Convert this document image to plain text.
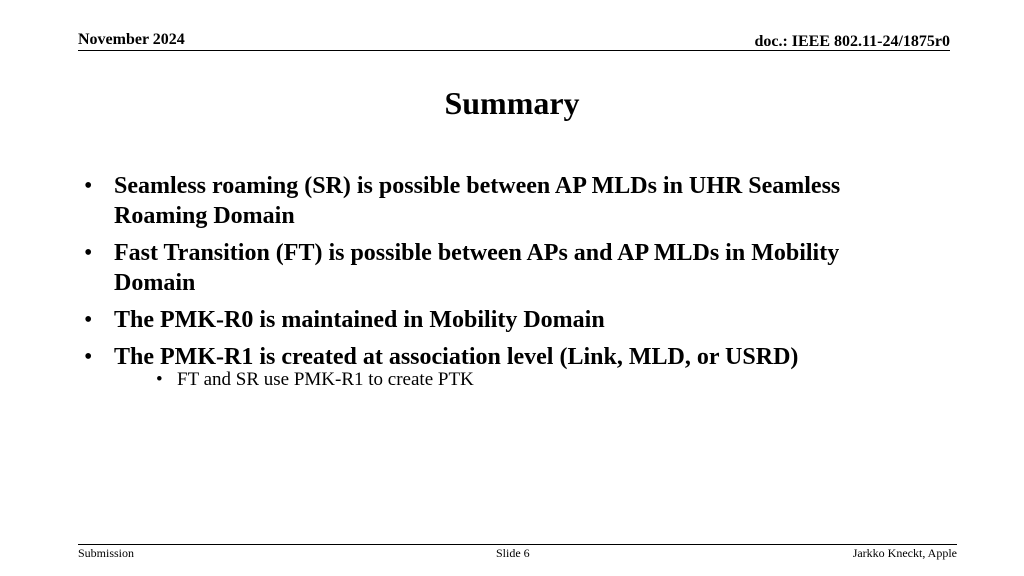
November 2024	doc.: IEEE 802.11-24/1875r0
Summary
• Seamless roaming (SR) is possible between AP MLDs in UHR Seamless Roaming Domain
• Fast Transition (FT) is possible between APs and AP MLDs in Mobility Domain
• The PMK-R0 is maintained in Mobility Domain
• The PMK-R1 is created at association level (Link, MLD, or USRD)
• FT and SR use PMK-R1 to create PTK
Submission	Slide 6	Jarkko Kneckt, Apple
